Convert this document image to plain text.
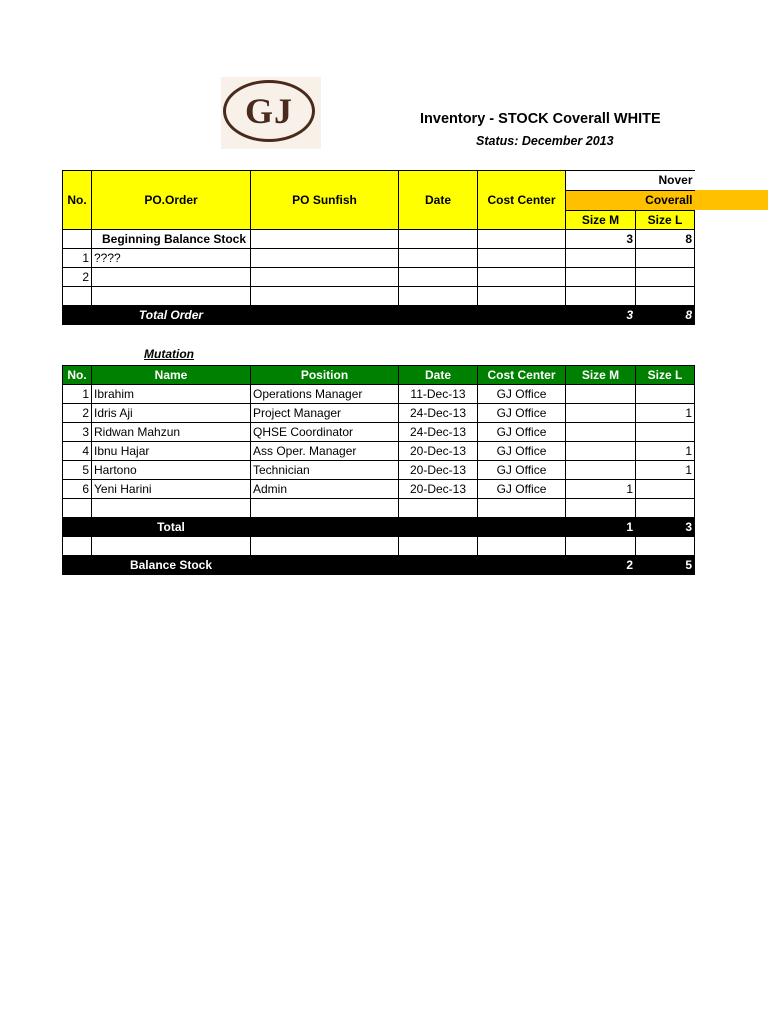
GJ	Inventory - STOCK Coverall WHITE
Status: December 2013
No.	PO.Order	PO Sunfish	Date	Cost Center	Nover	
					Coverall	
					Size M	Size L
	Beginning Balance Stock				3	8
1	????					
2						

	Total Order				3	8
Mutation
No.	Name	Position	Date	Cost Center	Size M	Size L
1	Ibrahim	Operations Manager	11-Dec-13	GJ Office		
2	Idris Aji	Project Manager	24-Dec-13	GJ Office		1
3	Ridwan Mahzun	QHSE Coordinator	24-Dec-13	GJ Office		
4	Ibnu Hajar	Ass Oper. Manager	20-Dec-13	GJ Office		1
5	Hartono	Technician	20-Dec-13	GJ Office		1
6	Yeni Harini	Admin	20-Dec-13	GJ Office	1	

	Total				1	3

	Balance Stock				2	5
